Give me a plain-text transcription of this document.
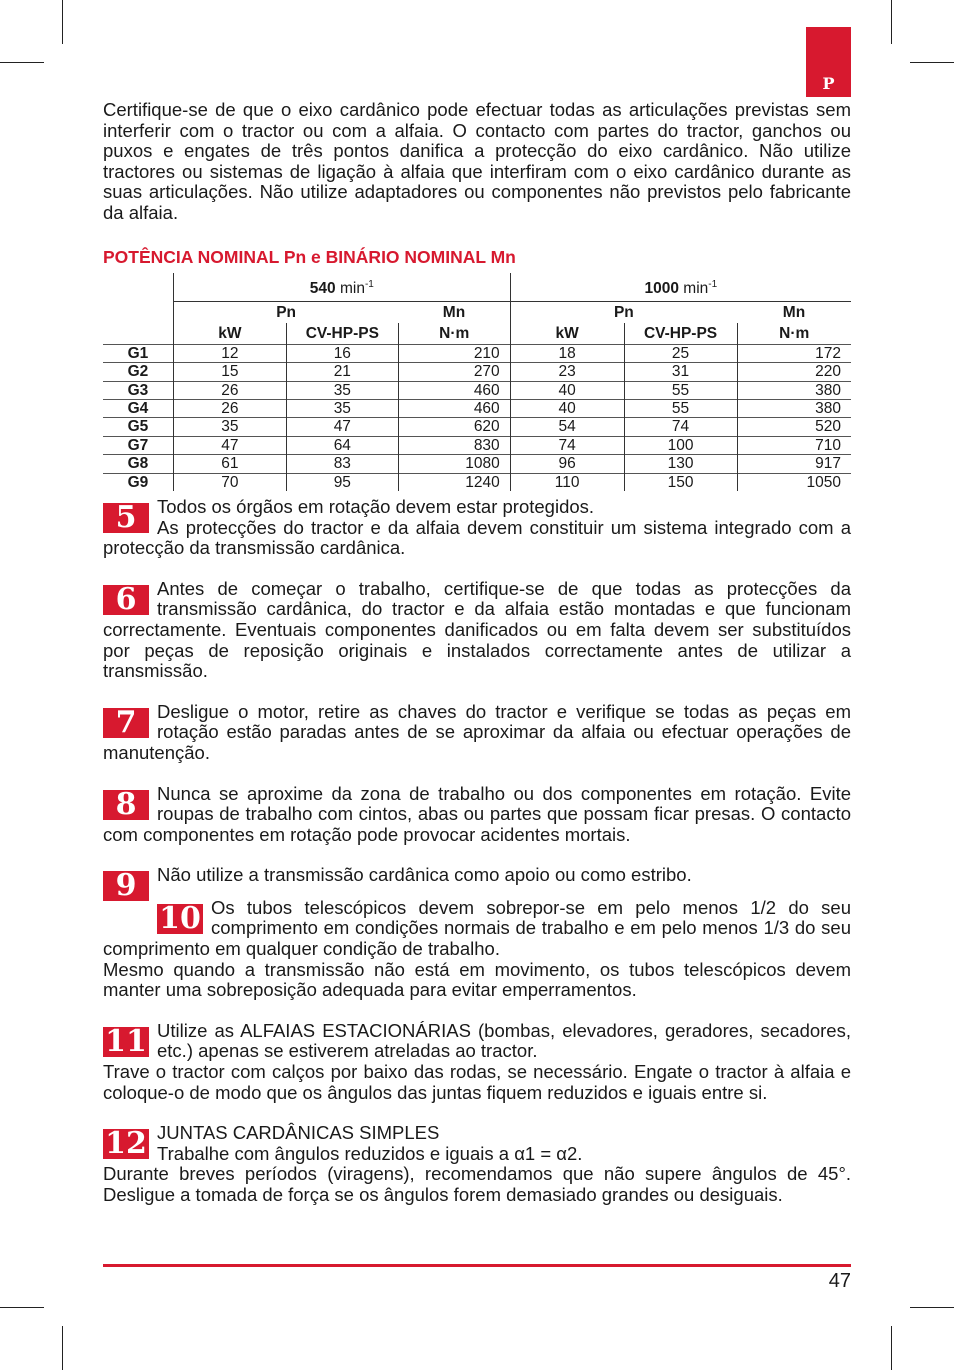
P

Certifique-se de que o eixo cardânico pode efectuar todas as articulações previstas sem interferir com o tractor ou com a alfaia. O contacto com partes do tractor, ganchos ou puxos e engates de três pontos danifica a protecção do eixo cardânico. Não utilize tractores ou sistemas de ligação à alfaia que interfiram com o eixo cardânico durante as suas articulações. Não utilize adaptadores ou componentes não previstos pelo fabricante da alfaia.

POTÊNCIA NOMINAL Pn e BINÁRIO NOMINAL Mn
	540 $\min^{-1}$			1000 $\min^{-1}$
	Pn		Mn	Pn		Mn
	kW	CV-HP-PS	N·m	kW	CV-HP-PS	N·m
G1	12	16	210	18	25	172
G2	15	21	270	23	31	220
G3	26	35	460	40	55	380
G4	26	35	460	40	55	380
G5	35	47	620	54	74	520
G7	47	64	830	74	100	710
G8	61	83	1080	96	130	917
G9	70	95	1240	110	150	1050
5	Todos os órgãos em rotação devem estar protegidos.

As protecções do tractor e da alfaia devem constituir um sistema integrado com a protecção da transmissão cardânica.

6	Antes de começar o trabalho, certifique-se de que todas as protecções da transmissão cardânica, do tractor e da alfaia estão montadas e que funcionam correctamente. Eventuais componentes danificados ou em falta devem ser substituídos por peças de reposição originais e instalados correctamente antes de utilizar a transmissão.

7	Desligue o motor, retire as chaves do tractor e verifique se todas as peças em rotação estão paradas antes de se aproximar da alfaia ou efectuar operações de manutenção.

8	Nunca se aproxime da zona de trabalho ou dos componentes em rotação. Evite roupas de trabalho com cintos, abas ou partes que possam ficar presas. O contacto com componentes em rotação pode provocar acidentes mortais.

9	Não utilize a transmissão cardânica como apoio ou como estribo.

10 Os tubos telescópicos devem sobrepor-se em pelo menos 1/2 do seu comprimento em condições normais de trabalho e em pelo menos 1/3 do seu comprimento em qualquer condição de trabalho.

Mesmo quando a transmissão não está em movimento, os tubos telescópicos devem manter uma sobreposição adequada para evitar emperramentos.

11 Utilize as ALFAIAS ESTACIONÁRIAS (bombas, elevadores, geradores, secadores, etc.) apenas se estiverem atreladas ao tractor.

Trave o tractor com calços por baixo das rodas, se necessário. Engate o tractor à alfaia e coloque-o de modo que os ângulos das juntas fiquem reduzidos e iguais entre si.

12 JUNTAS CARDÂNICAS SIMPLES

Trabalhe com ângulos reduzidos e iguais a α1 = α2.

Durante breves períodos (viragens), recomendamos que não supere ângulos de 45°. Desligue a tomada de força se os ângulos forem demasiado grandes ou desiguais.

47
